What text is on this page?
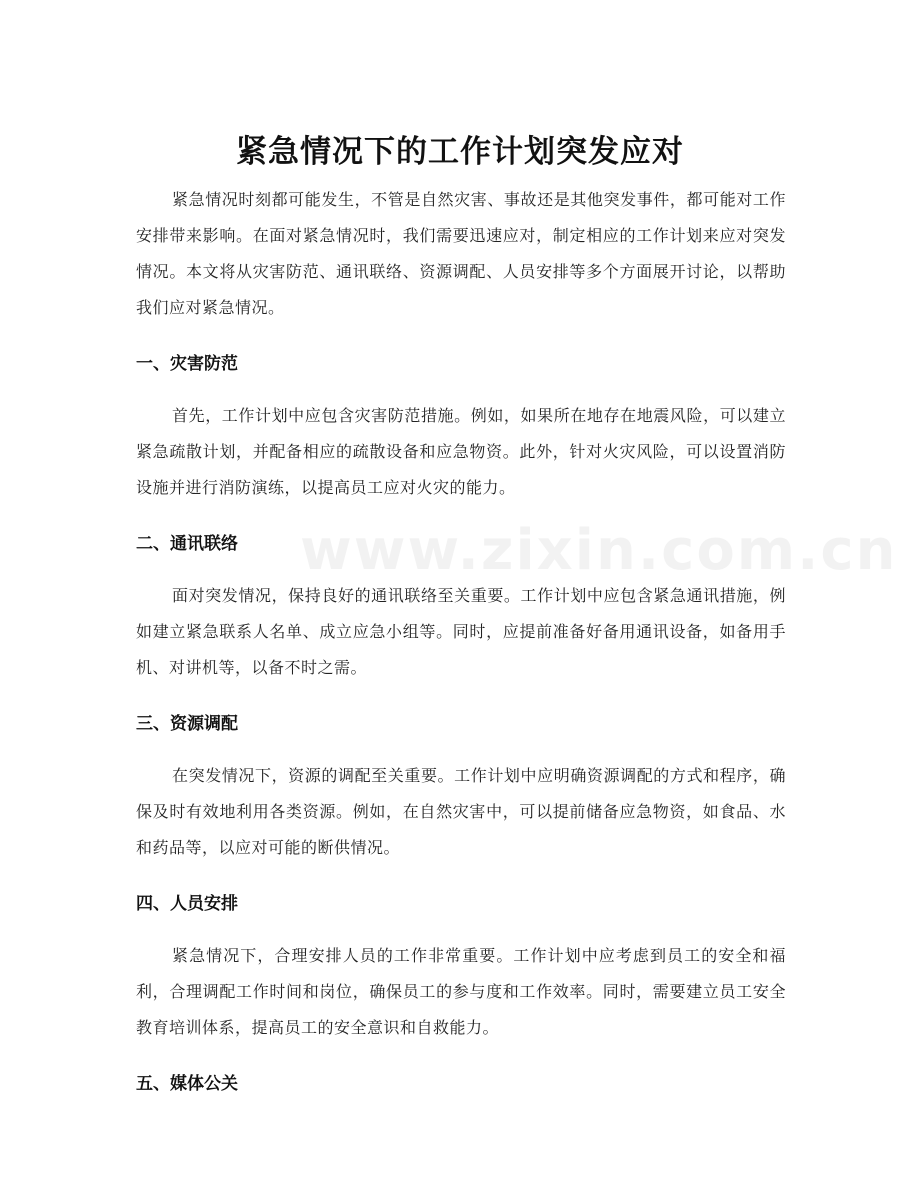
www.zixin.com.cn
紧急情况下的工作计划突发应对

紧急情况时刻都可能发生，不管是自然灾害、事故还是其他突发事件，都可能对工作安排带来影响。在面对紧急情况时，我们需要迅速应对，制定相应的工作计划来应对突发情况。本文将从灾害防范、通讯联络、资源调配、人员安排等多个方面展开讨论，以帮助我们应对紧急情况。

一、灾害防范

首先，工作计划中应包含灾害防范措施。例如，如果所在地存在地震风险，可以建立紧急疏散计划，并配备相应的疏散设备和应急物资。此外，针对火灾风险，可以设置消防设施并进行消防演练，以提高员工应对火灾的能力。

二、通讯联络

面对突发情况，保持良好的通讯联络至关重要。工作计划中应包含紧急通讯措施，例如建立紧急联系人名单、成立应急小组等。同时，应提前准备好备用通讯设备，如备用手机、对讲机等，以备不时之需。

三、资源调配

在突发情况下，资源的调配至关重要。工作计划中应明确资源调配的方式和程序，确保及时有效地利用各类资源。例如，在自然灾害中，可以提前储备应急物资，如食品、水和药品等，以应对可能的断供情况。

四、人员安排

紧急情况下，合理安排人员的工作非常重要。工作计划中应考虑到员工的安全和福利，合理调配工作时间和岗位，确保员工的参与度和工作效率。同时，需要建立员工安全教育培训体系，提高员工的安全意识和自救能力。

五、媒体公关
